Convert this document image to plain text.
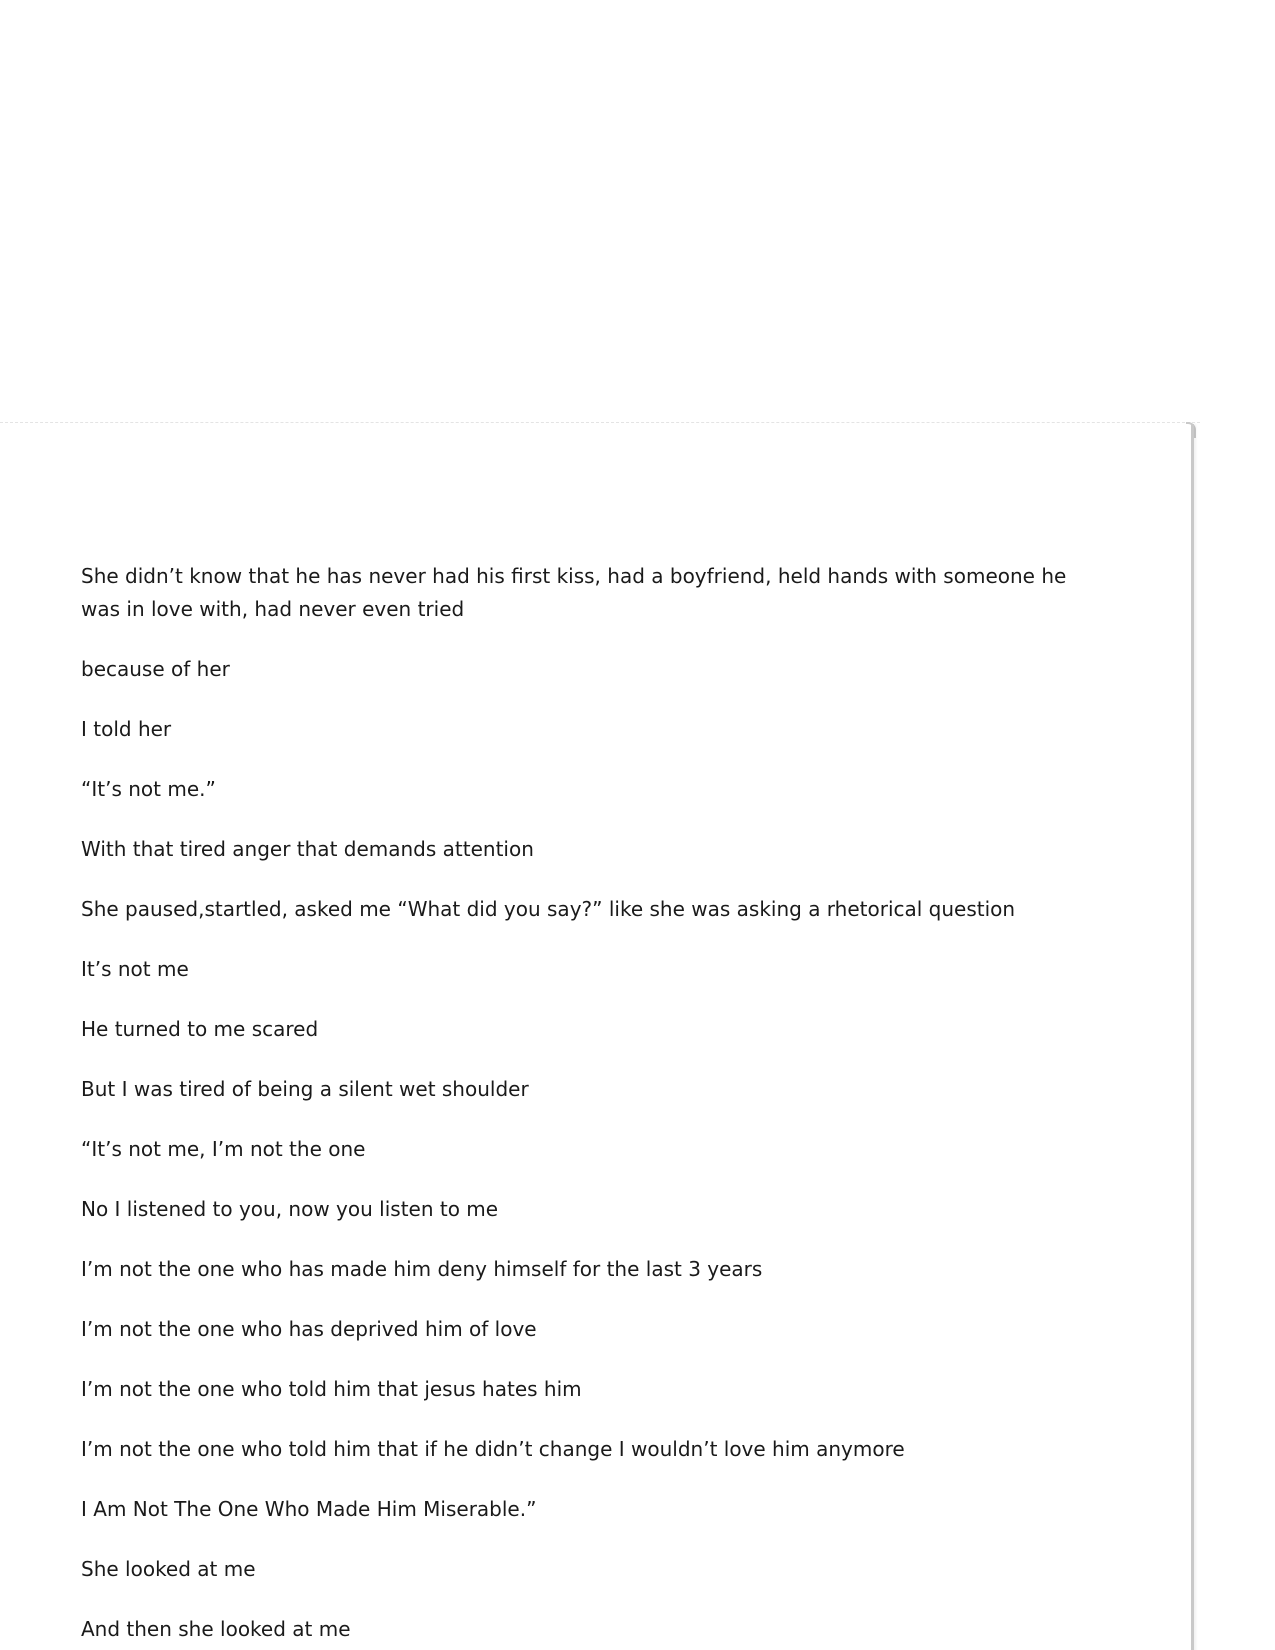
She didn’t know that he has never had his first kiss, had a boyfriend, held hands with someone he was in love with, had never even tried

because of her

I told her

“It’s not me.”

With that tired anger that demands attention

She paused,startled, asked me “What did you say?” like she was asking a rhetorical question

It’s not me

He turned to me scared

But I was tired of being a silent wet shoulder

“It’s not me, I’m not the one

No I listened to you, now you listen to me

I’m not the one who has made him deny himself for the last 3 years

I’m not the one who has deprived him of love

I’m not the one who told him that jesus hates him

I’m not the one who told him that if he didn’t change I wouldn’t love him anymore

I Am Not The One Who Made Him Miserable.”

She looked at me

And then she looked at me
